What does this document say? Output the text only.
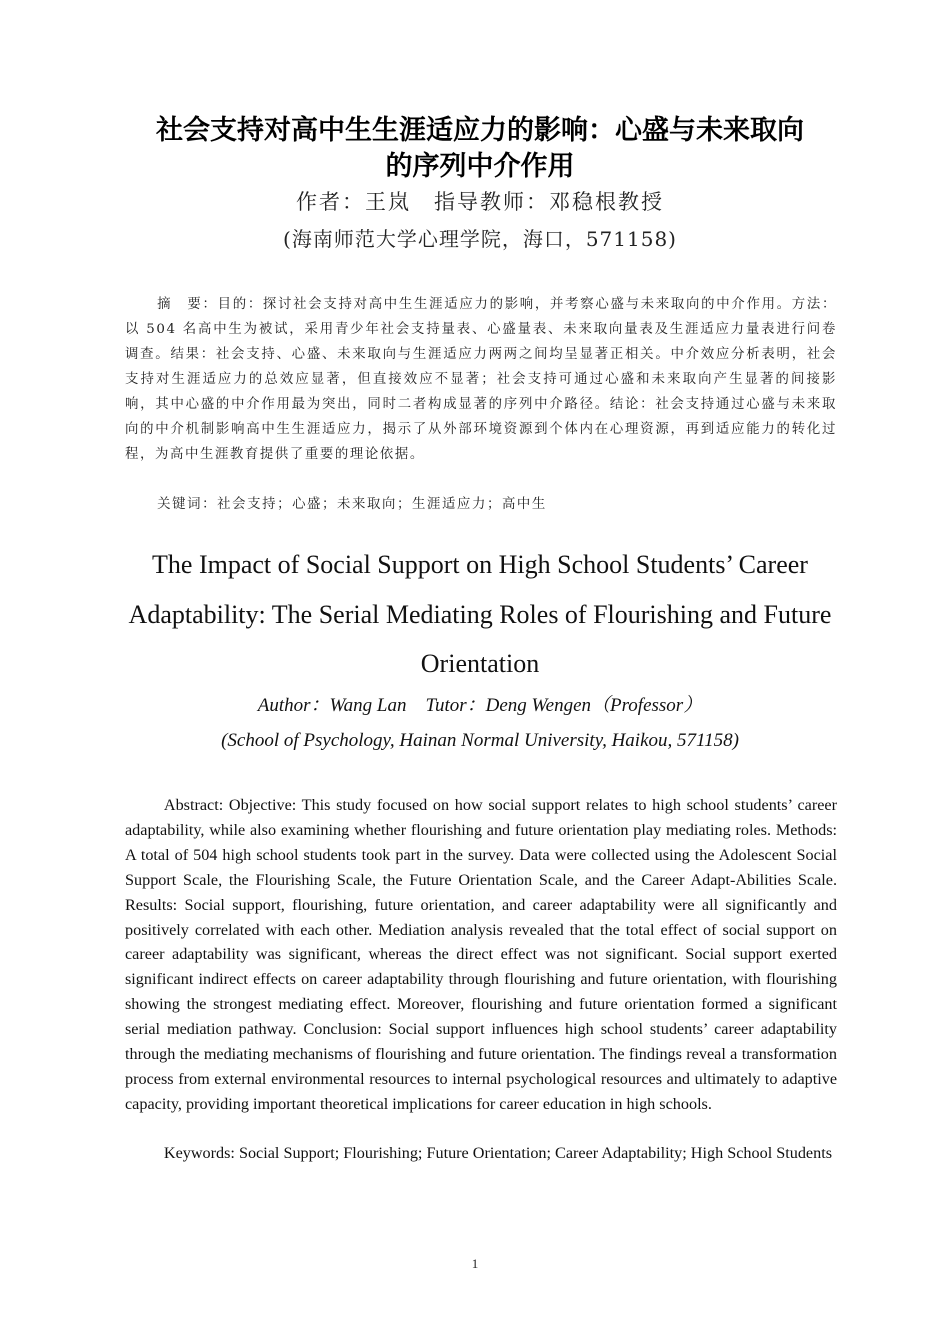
社会支持对高中生生涯适应力的影响：心盛与未来取向
的序列中介作用
作者：王岚　指导教师：邓稳根教授
(海南师范大学心理学院，海口，571158)

摘　要：目的：探讨社会支持对高中生生涯适应力的影响，并考察心盛与未来取向的中介作用。方法：以 504 名高中生为被试，采用青少年社会支持量表、心盛量表、未来取向量表及生涯适应力量表进行问卷调查。结果：社会支持、心盛、未来取向与生涯适应力两两之间均呈显著正相关。中介效应分析表明，社会支持对生涯适应力的总效应显著，但直接效应不显著；社会支持可通过心盛和未来取向产生显著的间接影响，其中心盛的中介作用最为突出，同时二者构成显著的序列中介路径。结论：社会支持通过心盛与未来取向的中介机制影响高中生生涯适应力，揭示了从外部环境资源到个体内在心理资源，再到适应能力的转化过程，为高中生涯教育提供了重要的理论依据。

关键词：社会支持；心盛；未来取向；生涯适应力；高中生

The Impact of Social Support on High School Students’ Career
Adaptability: The Serial Mediating Roles of Flourishing and Future
Orientation
Author：Wang Lan　Tutor：Deng Wengen（Professor）
(School of Psychology, Hainan Normal University, Haikou, 571158)

Abstract: Objective: This study focused on how social support relates to high school students’ career adaptability, while also examining whether flourishing and future orientation play mediating roles. Methods: A total of 504 high school students took part in the survey. Data were collected using the Adolescent Social Support Scale, the Flourishing Scale, the Future Orientation Scale, and the Career Adapt-Abilities Scale. Results: Social support, flourishing, future orientation, and career adaptability were all significantly and positively correlated with each other. Mediation analysis revealed that the total effect of social support on career adaptability was significant, whereas the direct effect was not significant. Social support exerted significant indirect effects on career adaptability through flourishing and future orientation, with flourishing showing the strongest mediating effect. Moreover, flourishing and future orientation formed a significant serial mediation pathway. Conclusion: Social support influences high school students’ career adaptability through the mediating mechanisms of flourishing and future orientation. The findings reveal a transformation process from external environmental resources to internal psychological resources and ultimately to adaptive capacity, providing important theoretical implications for career education in high schools.

Keywords: Social Support; Flourishing; Future Orientation; Career Adaptability; High School Students

1
